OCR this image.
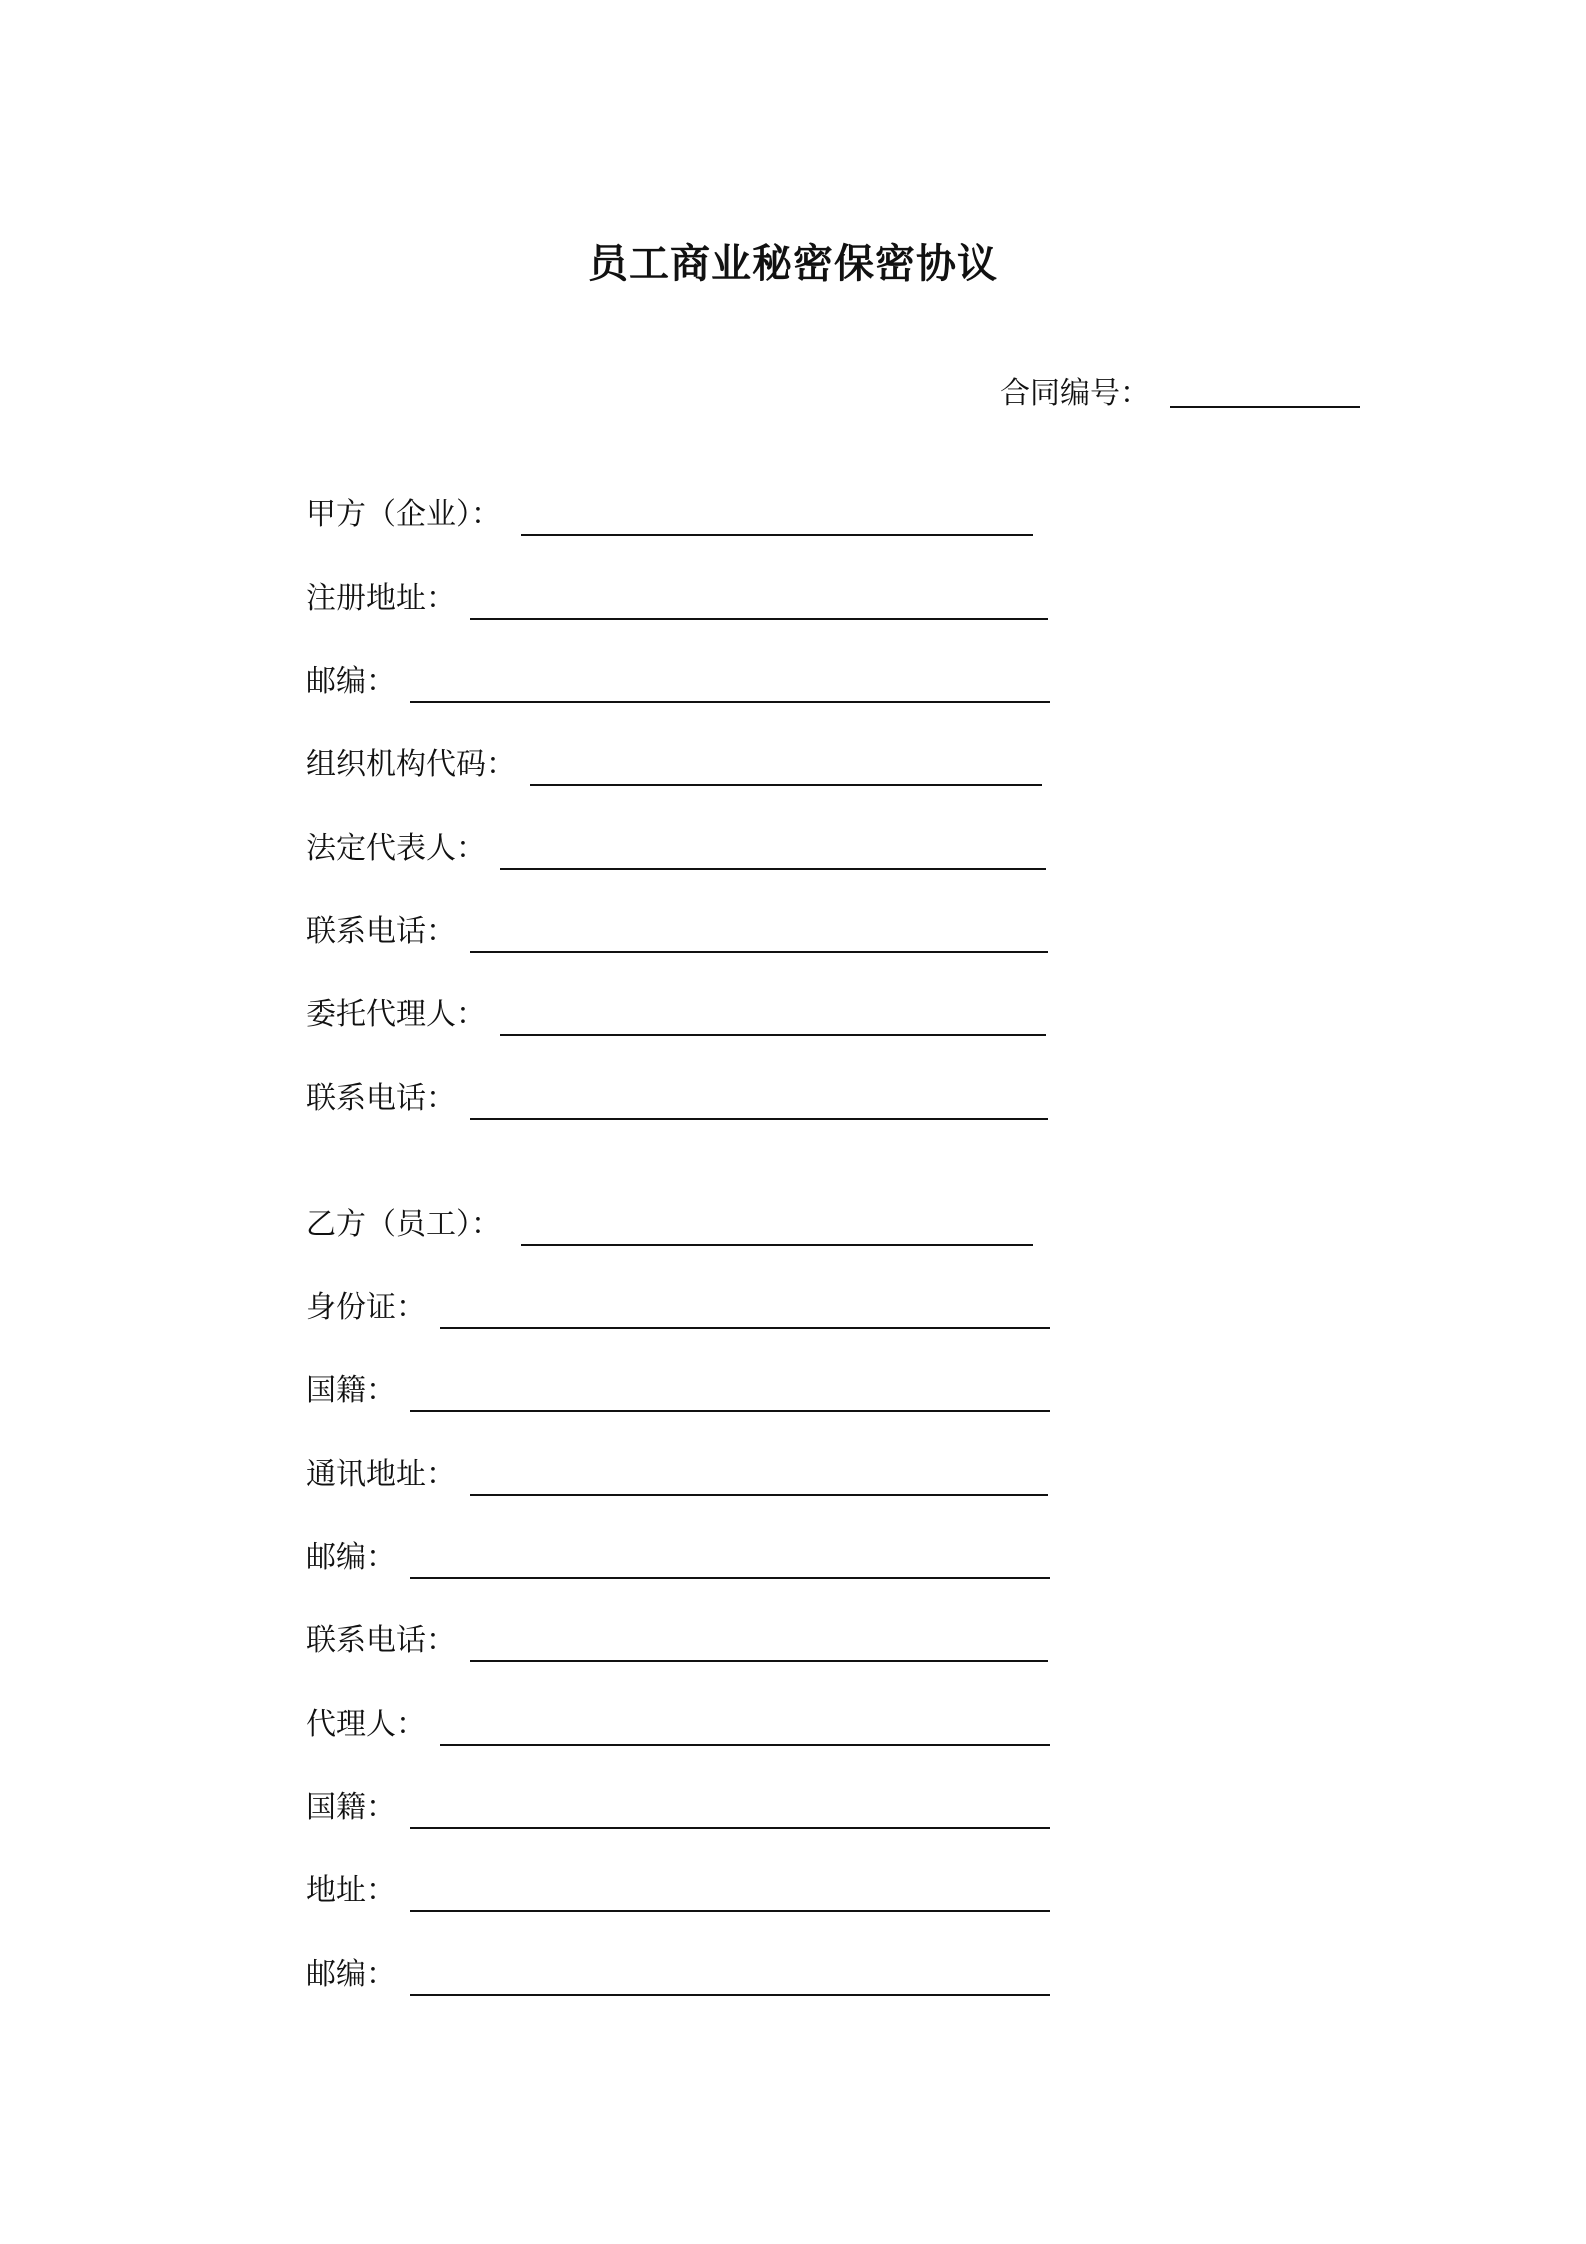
员工商业秘密保密协议
合同编号：
甲方（企业）：
注册地址：
邮编：
组织机构代码：
法定代表人：
联系电话：
委托代理人：
联系电话：
乙方（员工）：
身份证：
国籍：
通讯地址：
邮编：
联系电话：
代理人：
国籍：
地址：
邮编：
